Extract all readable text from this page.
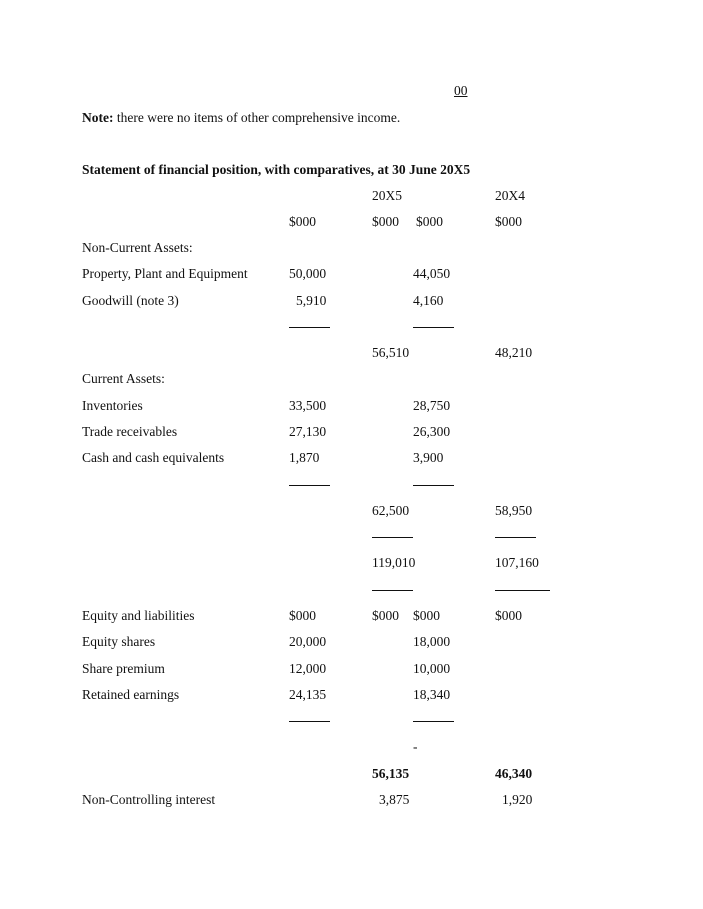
00
Note: there were no items of other comprehensive income.
Statement of financial position, with comparatives, at 30 June 20X5
20X5	20X4
$000	$000 $000	$000
Non-Current Assets:
Property, Plant and Equipment	50,000	44,050
Goodwill (note 3)	5,910	4,160
56,510	48,210
Current Assets:
Inventories	33,500	28,750
Trade receivables	27,130	26,300
Cash and cash equivalents	1,870	3,900
62,500	58,950
119,010	107,160
Equity and liabilities	$000	$000 $000	$000
Equity shares	20,000	18,000
Share premium	12,000	10,000
Retained earnings	24,135	18,340
-
56,135	46,340
Non-Controlling interest	3,875	1,920
